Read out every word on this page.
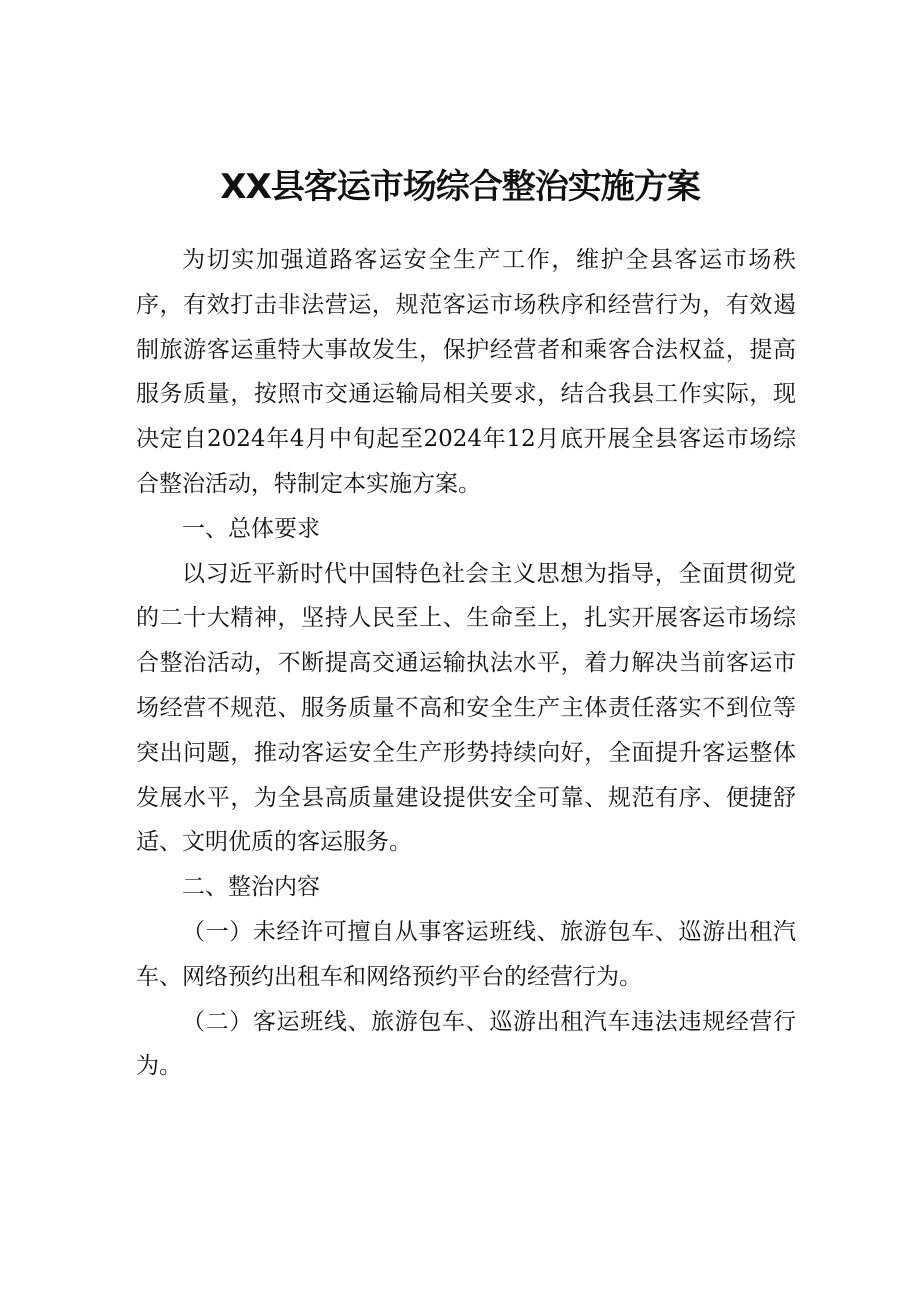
XX县客运市场综合整治实施方案

为切实加强道路客运安全生产工作，维护全县客运市场秩序，有效打击非法营运，规范客运市场秩序和经营行为，有效遏制旅游客运重特大事故发生，保护经营者和乘客合法权益，提高服务质量，按照市交通运输局相关要求，结合我县工作实际，现决定自2024年4月中旬起至2024年12月底开展全县客运市场综合整治活动，特制定本实施方案。

一、总体要求

以习近平新时代中国特色社会主义思想为指导，全面贯彻党的二十大精神，坚持人民至上、生命至上，扎实开展客运市场综合整治活动，不断提高交通运输执法水平，着力解决当前客运市场经营不规范、服务质量不高和安全生产主体责任落实不到位等突出问题，推动客运安全生产形势持续向好，全面提升客运整体发展水平，为全县高质量建设提供安全可靠、规范有序、便捷舒适、文明优质的客运服务。

二、整治内容

（一）未经许可擅自从事客运班线、旅游包车、巡游出租汽车、网络预约出租车和网络预约平台的经营行为。

（二）客运班线、旅游包车、巡游出租汽车违法违规经营行为。
